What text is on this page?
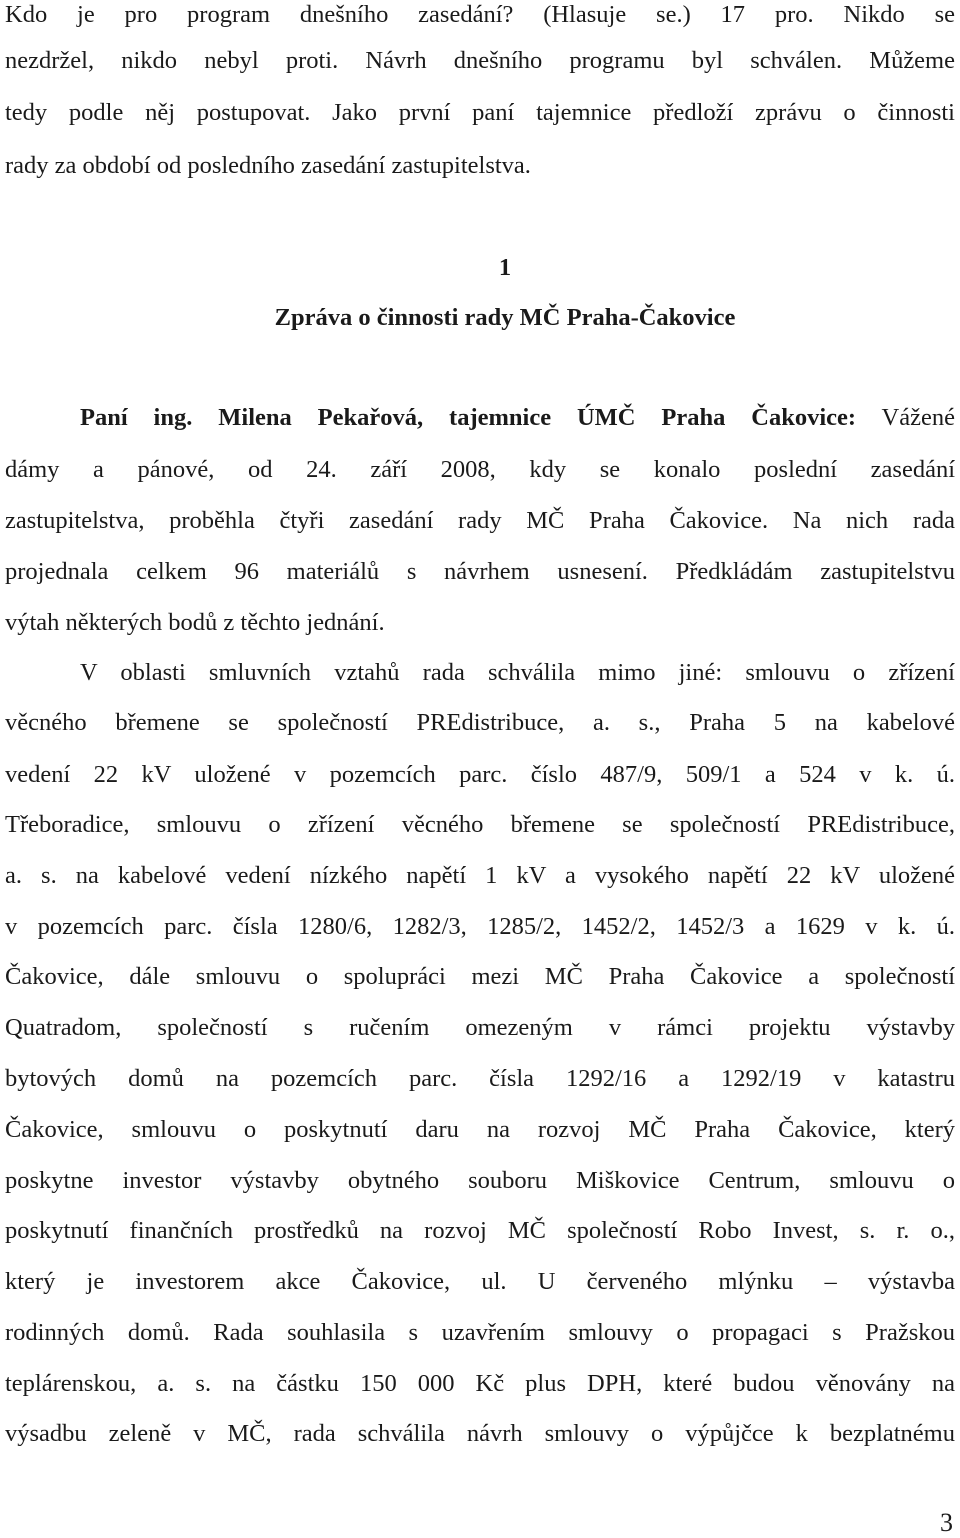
Kdo je pro program dnešního zasedání? (Hlasuje se.) 17 pro. Nikdo se
nezdržel, nikdo nebyl proti. Návrh dnešního programu byl schválen. Můžeme
tedy podle něj postupovat. Jako první paní tajemnice předloží zprávu o činnosti
rady za období od posledního zasedání zastupitelstva.
1
Zpráva o činnosti rady MČ Praha-Čakovice
Paní ing. Milena Pekařová, tajemnice ÚMČ Praha Čakovice: Vážené
dámy a pánové, od 24. září 2008, kdy se konalo poslední zasedání
zastupitelstva, proběhla čtyři zasedání rady MČ Praha Čakovice. Na nich rada
projednala celkem 96 materiálů s návrhem usnesení. Předkládám zastupitelstvu
výtah některých bodů z těchto jednání.
V oblasti smluvních vztahů rada schválila mimo jiné: smlouvu o zřízení
věcného břemene se společností PREdistribuce, a. s., Praha 5 na kabelové
vedení 22 kV uložené v pozemcích parc. číslo 487/9, 509/1 a 524 v k. ú.
Třeboradice, smlouvu o zřízení věcného břemene se společností PREdistribuce,
a. s. na kabelové vedení nízkého napětí 1 kV a vysokého napětí 22 kV uložené
v pozemcích parc. čísla 1280/6, 1282/3, 1285/2, 1452/2, 1452/3 a 1629 v k. ú.
Čakovice, dále smlouvu o spolupráci mezi MČ Praha Čakovice a společností
Quatradom, společností s ručením omezeným v rámci projektu výstavby
bytových domů na pozemcích parc. čísla 1292/16 a 1292/19 v katastru
Čakovice, smlouvu o poskytnutí daru na rozvoj MČ Praha Čakovice, který
poskytne investor výstavby obytného souboru Miškovice Centrum, smlouvu o
poskytnutí finančních prostředků na rozvoj MČ společností Robo Invest, s. r. o.,
který je investorem akce Čakovice, ul. U červeného mlýnku – výstavba
rodinných domů. Rada souhlasila s uzavřením smlouvy o propagaci s Pražskou
teplárenskou, a. s. na částku 150 000 Kč plus DPH, které budou věnovány na
výsadbu zeleně v MČ, rada schválila návrh smlouvy o výpůjčce k bezplatnému
3
